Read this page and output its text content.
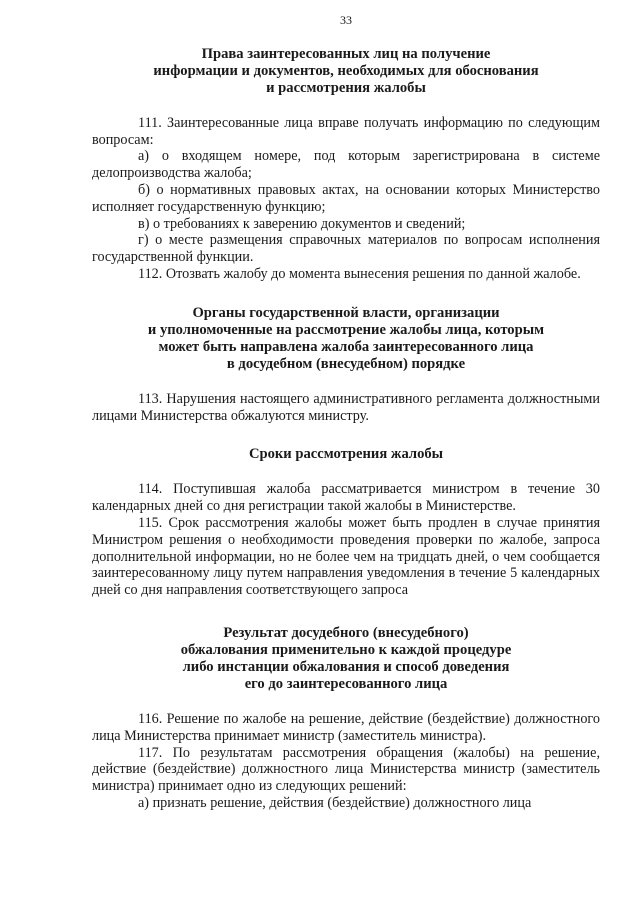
33
Права заинтересованных лиц на получение
информации и документов, необходимых для обоснования
и рассмотрения жалобы

111. Заинтересованные лица вправе получать информацию по следующим вопросам:

а) о входящем номере, под которым зарегистрирована в системе делопроизводства жалоба;

б) о нормативных правовых актах, на основании которых Министерство исполняет государственную функцию;

в) о требованиях к заверению документов и сведений;

г) о месте размещения справочных материалов по вопросам исполнения государственной функции.

112. Отозвать жалобу до момента вынесения решения по данной жалобе.

Органы государственной власти, организации
и уполномоченные на рассмотрение жалобы лица, которым
может быть направлена жалоба заинтересованного лица
в досудебном (внесудебном) порядке

113. Нарушения настоящего административного регламента должностными лицами Министерства обжалуются министру.

Сроки рассмотрения жалобы

114. Поступившая жалоба рассматривается министром в течение 30 календарных дней со дня регистрации такой жалобы в Министерстве.

115. Срок рассмотрения жалобы может быть продлен в случае принятия Министром решения о необходимости проведения проверки по жалобе, запроса дополнительной информации, но не более чем на тридцать дней, о чем сообщается заинтересованному лицу путем направления уведомления в течение 5 календарных дней со дня направления соответствующего запроса

Результат досудебного (внесудебного)
обжалования применительно к каждой процедуре
либо инстанции обжалования и способ доведения
его до заинтересованного лица

116. Решение по жалобе на решение, действие (бездействие) должностного лица Министерства принимает министр (заместитель министра).

117. По результатам рассмотрения обращения (жалобы) на решение, действие (бездействие) должностного лица Министерства министр (заместитель министра) принимает одно из следующих решений:

а) признать решение, действия (бездействие) должностного лица
